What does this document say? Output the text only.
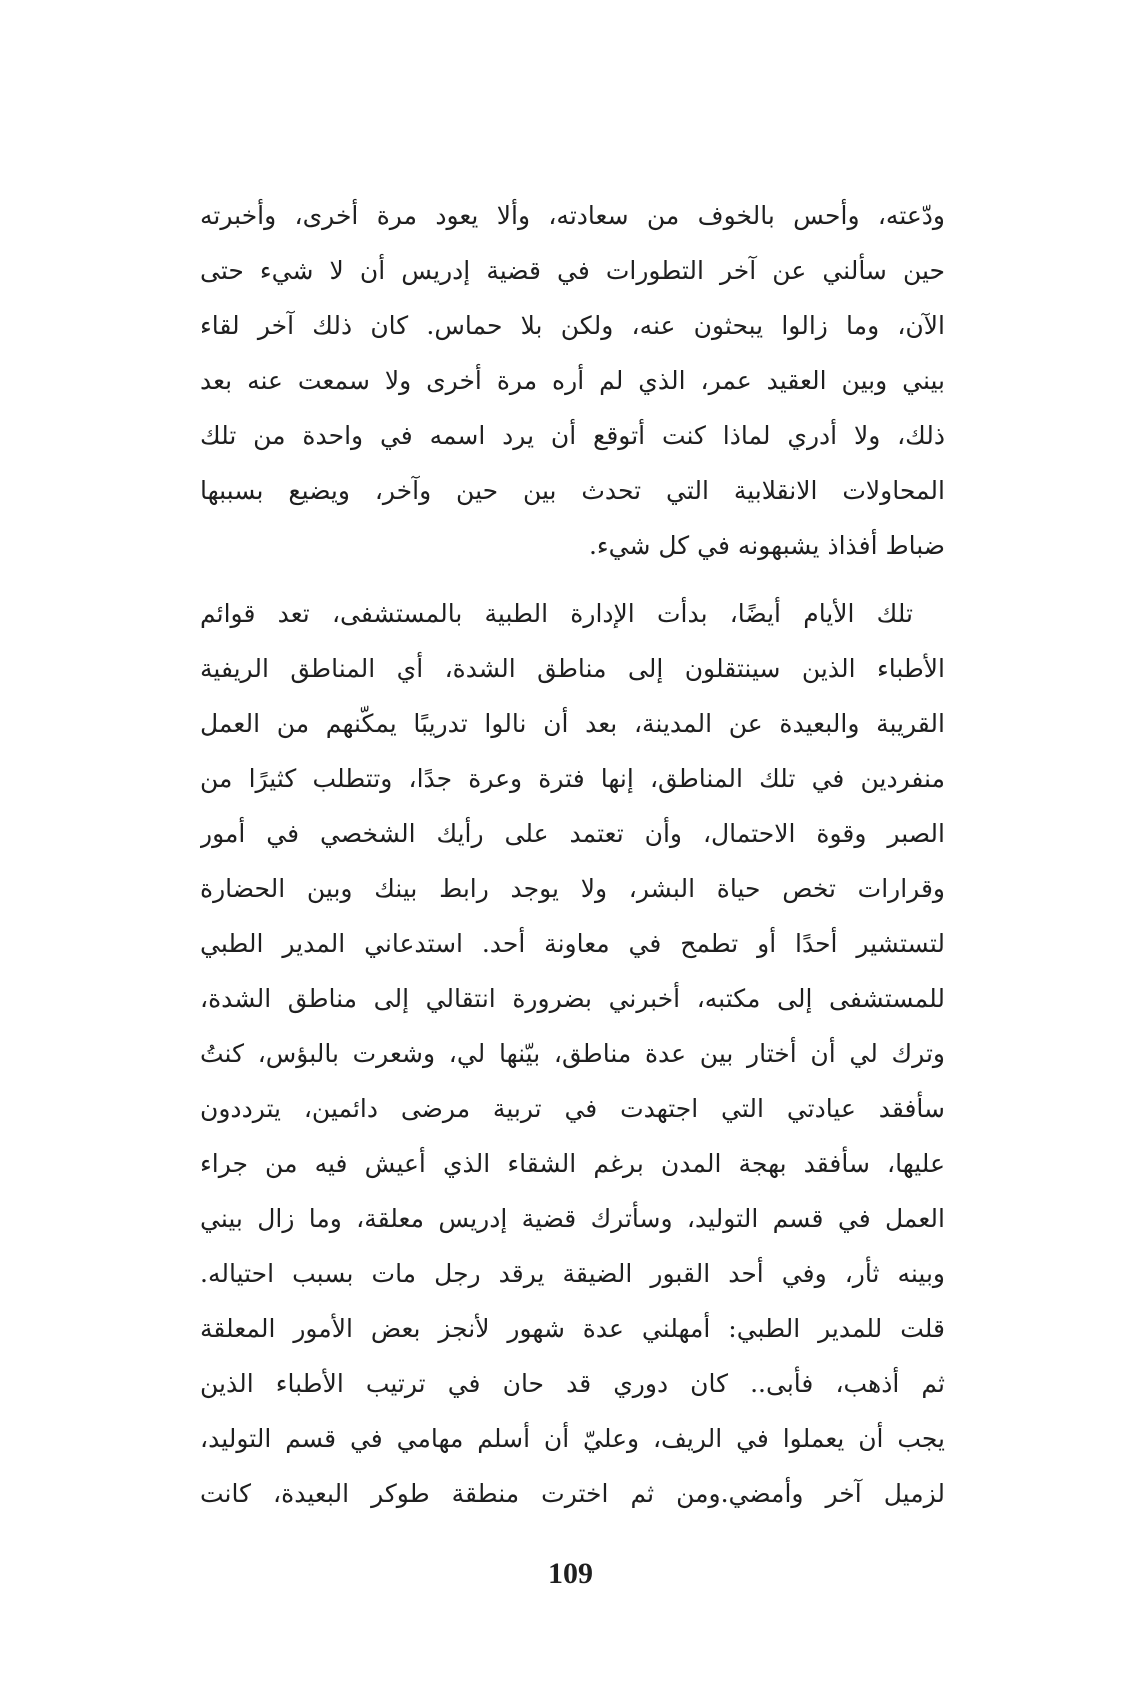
ودّعته، وأحس بالخوف من سعادته، وألا يعود مرة أخرى، وأخبرته
حين سألني عن آخر التطورات في قضية إدريس أن لا شيء حتى
الآن، وما زالوا يبحثون عنه، ولكن بلا حماس. كان ذلك آخر لقاء
بيني وبين العقيد عمر، الذي لم أره مرة أخرى ولا سمعت عنه بعد
ذلك، ولا أدري لماذا كنت أتوقع أن يرد اسمه في واحدة من تلك
المحاولات الانقلابية التي تحدث بين حين وآخر، ويضيع بسببها
ضباط أفذاذ يشبهونه في كل شيء.
تلك الأيام أيضًا، بدأت الإدارة الطبية بالمستشفى، تعد قوائم
الأطباء الذين سينتقلون إلى مناطق الشدة، أي المناطق الريفية
القريبة والبعيدة عن المدينة، بعد أن نالوا تدريبًا يمكّنهم من العمل
منفردين في تلك المناطق، إنها فترة وعرة جدًا، وتتطلب كثيرًا من
الصبر وقوة الاحتمال، وأن تعتمد على رأيك الشخصي في أمور
وقرارات تخص حياة البشر، ولا يوجد رابط بينك وبين الحضارة
لتستشير أحدًا أو تطمح في معاونة أحد. استدعاني المدير الطبي
للمستشفى إلى مكتبه، أخبرني بضرورة انتقالي إلى مناطق الشدة،
وترك لي أن أختار بين عدة مناطق، بيّنها لي، وشعرت بالبؤس، كنتُ
سأفقد عيادتي التي اجتهدت في تربية مرضى دائمين، يترددون
عليها، سأفقد بهجة المدن برغم الشقاء الذي أعيش فيه من جراء
العمل في قسم التوليد، وسأترك قضية إدريس معلقة، وما زال بيني
وبينه ثأر، وفي أحد القبور الضيقة يرقد رجل مات بسبب احتياله.
قلت للمدير الطبي: أمهلني عدة شهور لأنجز بعض الأمور المعلقة
ثم أذهب، فأبى.. كان دوري قد حان في ترتيب الأطباء الذين
يجب أن يعملوا في الريف، وعليّ أن أسلم مهامي في قسم التوليد،
لزميل آخر وأمضي.ومن ثم اخترت منطقة طوكر البعيدة، كانت
109
